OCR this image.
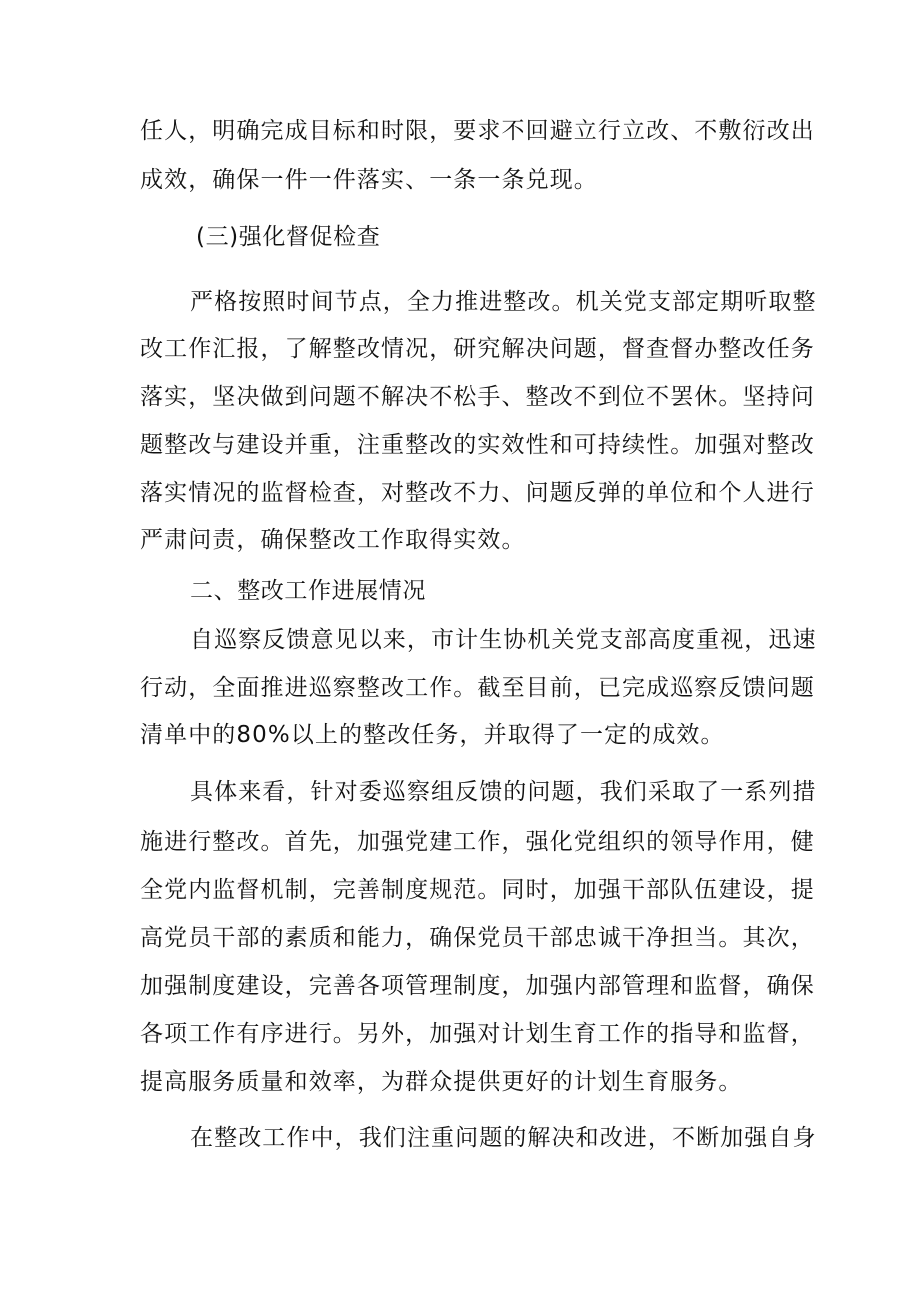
任人，明确完成目标和时限，要求不回避立行立改、不敷衍改出
成效，确保一件一件落实、一条一条兑现。
(三)强化督促检查
严格按照时间节点，全力推进整改。机关党支部定期听取整
改工作汇报，了解整改情况，研究解决问题，督查督办整改任务
落实，坚决做到问题不解决不松手、整改不到位不罢休。坚持问
题整改与建设并重，注重整改的实效性和可持续性。加强对整改
落实情况的监督检查，对整改不力、问题反弹的单位和个人进行
严肃问责，确保整改工作取得实效。
二、整改工作进展情况
自巡察反馈意见以来，市计生协机关党支部高度重视，迅速
行动，全面推进巡察整改工作。截至目前，已完成巡察反馈问题
清单中的80%以上的整改任务，并取得了一定的成效。
具体来看，针对委巡察组反馈的问题，我们采取了一系列措
施进行整改。首先，加强党建工作，强化党组织的领导作用，健
全党内监督机制，完善制度规范。同时，加强干部队伍建设，提
高党员干部的素质和能力，确保党员干部忠诚干净担当。其次，
加强制度建设，完善各项管理制度，加强内部管理和监督，确保
各项工作有序进行。另外，加强对计划生育工作的指导和监督，
提高服务质量和效率，为群众提供更好的计划生育服务。
在整改工作中，我们注重问题的解决和改进，不断加强自身
